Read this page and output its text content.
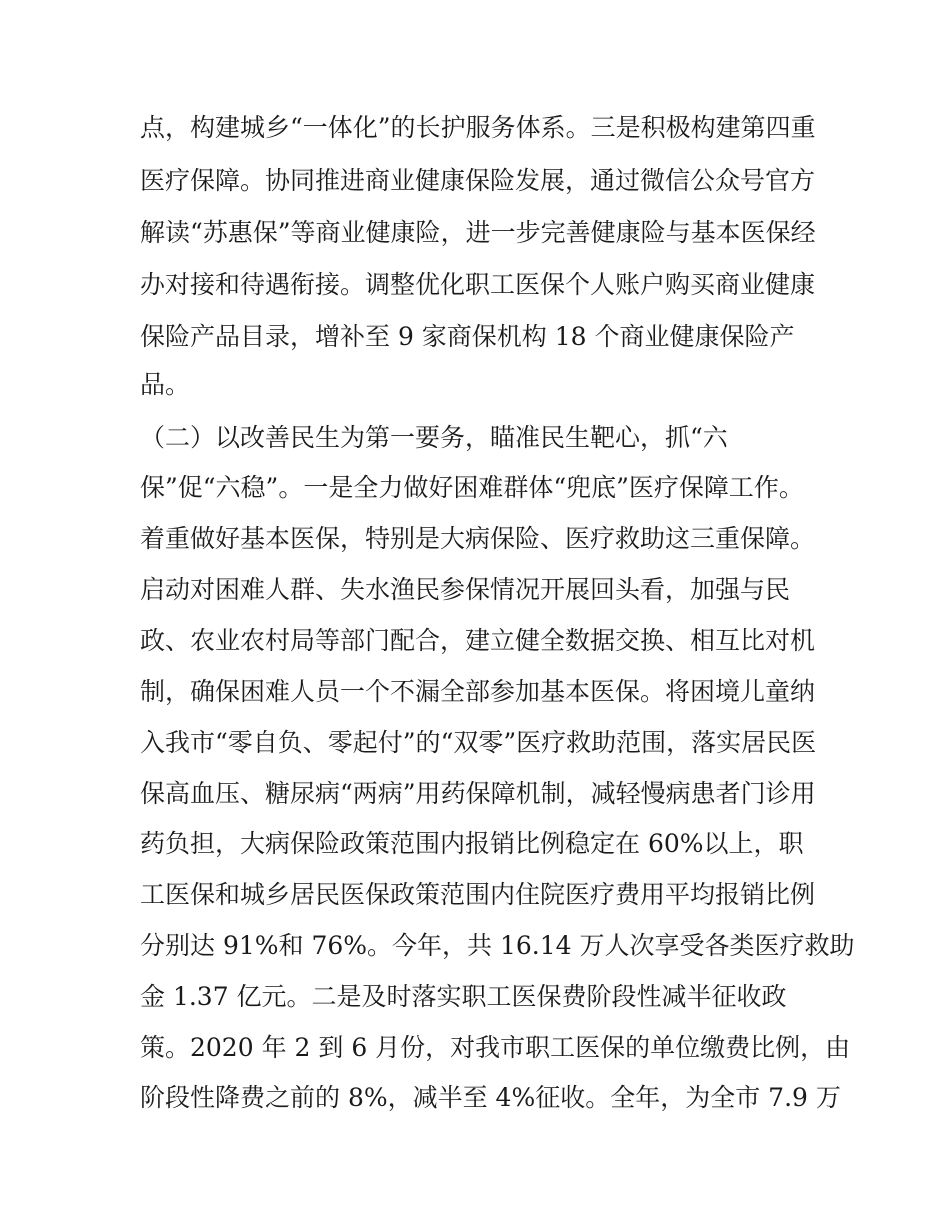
点，构建城乡“一体化”的长护服务体系。三是积极构建第四重
医疗保障。协同推进商业健康保险发展，通过微信公众号官方
解读“苏惠保”等商业健康险，进一步完善健康险与基本医保经
办对接和待遇衔接。调整优化职工医保个人账户购买商业健康
保险产品目录，增补至 9 家商保机构 18 个商业健康保险产
品。
（二）以改善民生为第一要务，瞄准民生靶心，抓“六
保”促“六稳”。一是全力做好困难群体“兜底”医疗保障工作。
着重做好基本医保，特别是大病保险、医疗救助这三重保障。
启动对困难人群、失水渔民参保情况开展回头看，加强与民
政、农业农村局等部门配合，建立健全数据交换、相互比对机
制，确保困难人员一个不漏全部参加基本医保。将困境儿童纳
入我市“零自负、零起付”的“双零”医疗救助范围，落实居民医
保高血压、糖尿病“两病”用药保障机制，减轻慢病患者门诊用
药负担，大病保险政策范围内报销比例稳定在 60%以上，职
工医保和城乡居民医保政策范围内住院医疗费用平均报销比例
分别达 91%和 76%。今年，共 16.14 万人次享受各类医疗救助
金 1.37 亿元。二是及时落实职工医保费阶段性减半征收政
策。2020 年 2 到 6 月份，对我市职工医保的单位缴费比例，由
阶段性降费之前的 8%，减半至 4%征收。全年，为全市 7.9 万
